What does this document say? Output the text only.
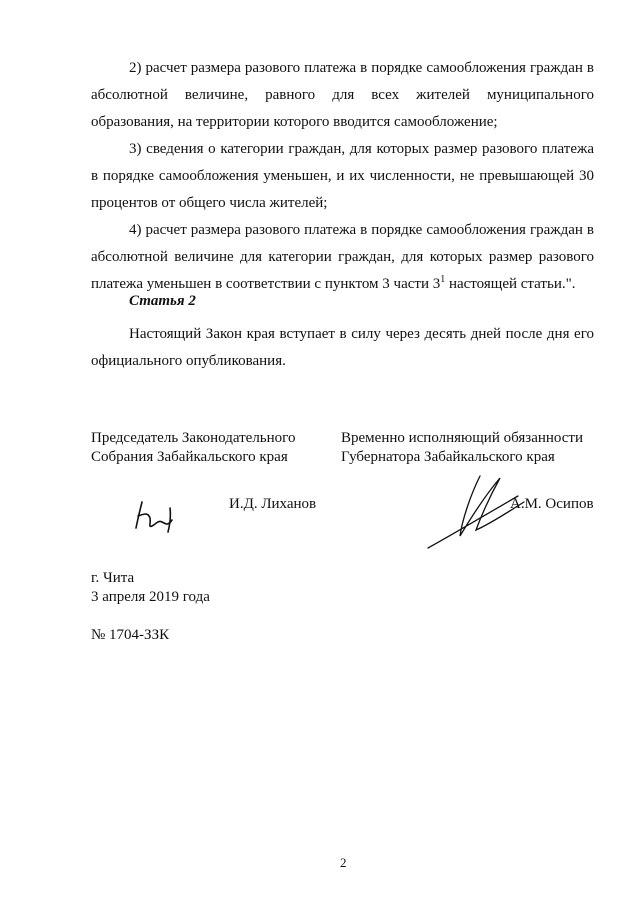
2) расчет размера разового платежа в порядке самообложения граждан в абсолютной величине, равного для всех жителей муниципального образования, на территории которого вводится самообложение;

3) сведения о категории граждан, для которых размер разового платежа в порядке самообложения уменьшен, и их численности, не превышающей 30 процентов от общего числа жителей;

4) расчет размера разового платежа в порядке самообложения граждан в абсолютной величине для категории граждан, для которых размер разового платежа уменьшен в соответствии с пунктом 3 части $3^1$ настоящей статьи.".

Статья 2

Настоящий Закон края вступает в силу через десять дней после дня его официального опубликования.

Председатель Законодательного
Собрания Забайкальского края
И.Д. Лиханов
Временно исполняющий обязанности
Губернатора Забайкальского края
А.М. Осипов
г. Чита
3 апреля 2019 года
№ 1704-ЗЗК
2
